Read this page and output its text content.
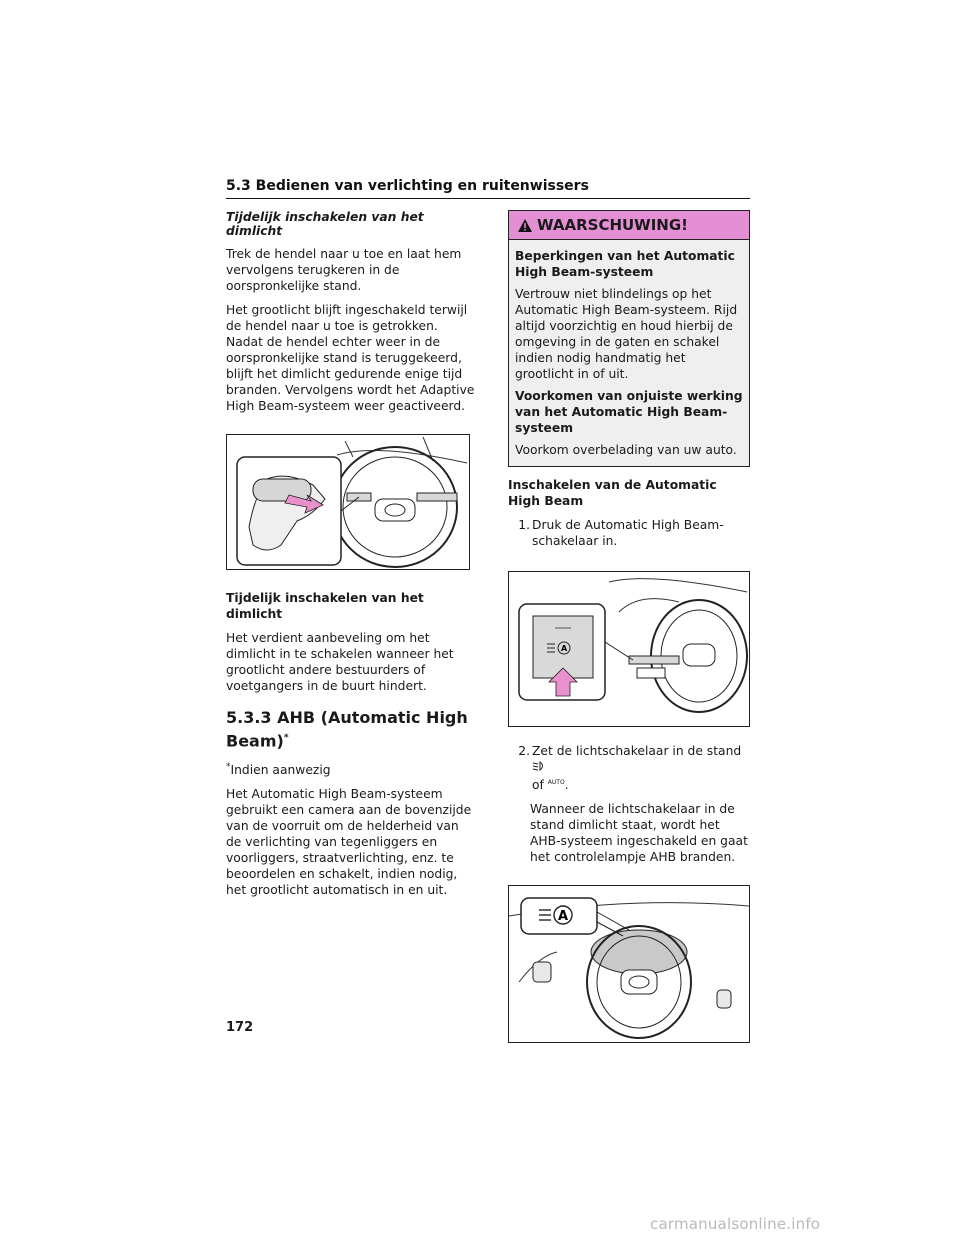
5.3 Bedienen van verlichting en ruitenwissers
Tijdelijk inschakelen van het dimlicht

Trek de hendel naar u toe en laat hem vervolgens terugkeren in de oorspronkelijke stand.

Het grootlicht blijft ingeschakeld terwijl de hendel naar u toe is getrokken. Nadat de hendel echter weer in de oorspronkelijke stand is teruggekeerd, blijft het dimlicht gedurende enige tijd branden. Vervolgens wordt het Adaptive High Beam-systeem weer geactiveerd.

Tijdelijk inschakelen van het dimlicht

Het verdient aanbeveling om het dimlicht in te schakelen wanneer het grootlicht andere bestuurders of voetgangers in de buurt hindert.

5.3.3 AHB (Automatic High Beam)*

*Indien aanwezig

Het Automatic High Beam-systeem gebruikt een camera aan de bovenzijde van de voorruit om de helderheid van de verlichting van tegenliggers en voorliggers, straatverlichting, enz. te beoordelen en schakelt, indien nodig, het grootlicht automatisch in en uit.

WAARSCHUWING!

Beperkingen van het Automatic High Beam-systeem

Vertrouw niet blindelings op het Automatic High Beam-systeem. Rijd altijd voorzichtig en houd hierbij de omgeving in de gaten en schakel indien nodig handmatig het grootlicht in of uit.

Voorkomen van onjuiste werking van het Automatic High Beam-systeem

Voorkom overbelading van uw auto.

Inschakelen van de Automatic High Beam

1. Druk de Automatic High Beam-schakelaar in.
A
2. Zet de lichtschakelaar in de stand
of $^{AUTO}$.

Wanneer de lichtschakelaar in de stand dimlicht staat, wordt het AHB-systeem ingeschakeld en gaat het controlelampje AHB branden.

A
172
carmanualsonline.info
